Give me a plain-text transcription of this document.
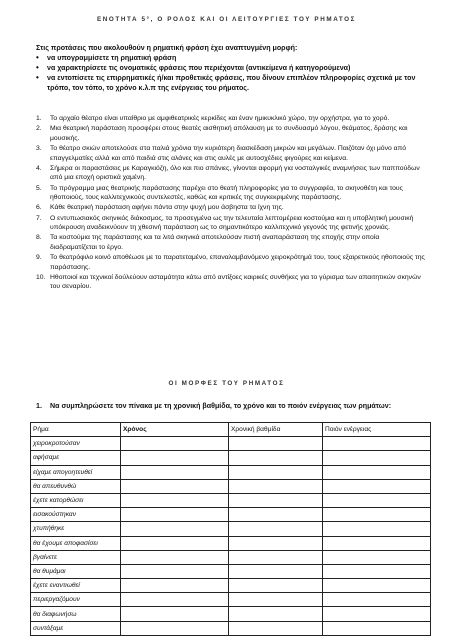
ΕΝΟΤΗΤΑ 5°, Ο ΡΟΛΟΣ ΚΑΙ ΟΙ ΛΕΙΤΟΥΡΓΙΕΣ ΤΟΥ ΡΗΜΑΤΟΣ
Στις προτάσεις που ακολουθούν η ρηματική φράση έχει αναπτυγμένη μορφή:
• να υπογραμμίσετε τη ρηματική φράση
• να χαρακτηρίσετε τις ονοματικές φράσεις που περιέχονται (αντικείμενα ή κατηγορούμενα)
• να εντοπίσετε τις επιρρηματικές ή/και προθετικές φράσεις, που δίνουν επιπλέον πληροφορίες σχετικά με τον τρόπο, τον τόπο, το χρόνο κ.λ.π της ενέργειας του ρήματος.
1. Το αρχαίο θέατρο είναι υπαίθριο με αμφιθεατρικές κερκίδες και έναν ημικυκλικό χώρο, την ορχήστρα, για το χορό.
2. Μια θεατρική παράσταση προσφέρει στους θεατές αισθητική απόλαυση με το συνδυασμό λόγου, θεάματος, δράσης και μουσικής.
3. Το θέατρο σκιών αποτελούσε στα παλιά χρόνια την κυριότερη διασκέδαση μικρών και μεγάλων. Παιζόταν όχι μόνο από επαγγελματίες αλλά και από παιδιά στις αλάνες και στις αυλές με αυτοσχέδιες φιγούρες και κείμενα.
4. Σήμερα οι παραστάσεις με Καραγκιόζη, όλο και πιο σπάνιες, γίνονται αφορμή για νοσταλγικές αναμνήσεις των παππούδων από μια εποχή οριστικά χαμένη.
5. Το πρόγραμμα μιας θεατρικής παράστασης παρέχει στο θεατή πληροφορίες για το συγγραφέα, το σκηνοθέτη και τους ηθοποιούς, τους καλλιτεχνικούς συντελεστές, καθώς και κριτικές της συγκεκριμένης παράστασης.
6. Κάθε θεατρική παράσταση αφήνει πάντα στην ψυχή μου άσβηστα τα ίχνη της.
7. Ο εντυπωσιακός σκηνικός διάκοσμος, τα προσεγμένα ως την τελευταία λεπτομέρεια κοστούμια και η υποβλητική μουσική υπόκρουση αναδεικνύουν τη χθεσινή παράσταση ως το σημαντικότερο καλλιτεχνικό γεγονός της φετινής χρονιάς.
8. Τα κοστούμια της παράστασης και τα λιτά σκηνικά αποτελούσαν πιστή αναπαράσταση της εποχής στην οποία διαδραματίζεται το έργο.
9. Το θεατρόφιλο κοινό αποθέωσε με το παρατεταμένο, επαναλαμβανόμενο χειροκρότημά του, τους εξαιρετικούς ηθοποιούς της παράστασης.
10. Ηθοποιοί και τεχνικοί δούλεύουν ασταμάτητα κάτω από αντίξοες καιρικές συνθήκες για το γύρισμα των απαιτητικών σκηνών του σεναρίου.
ΟΙ ΜΟΡΦΕΣ ΤΟΥ ΡΗΜΑΤΟΣ
1. Να συμπληρώσετε τον πίνακα με τη χρονική βαθμίδα, το χρόνο και το ποιόν ενέργειας των ρημάτων:
Ρήμα	Χρόνος	Χρονική βαθμίδα	Ποιόν ενέργειας
χειροκροτούσαν			
αφήσαμε			
είχαμε απογοητευθεί			
θα απευθυνθώ			
έχετε κατορθώσει			
εισακούστηκαν			
χτυπήθηκε			
θα έχουμε αποφασίσει			
βγαίνετε			
θα θυμάμαι			
έχετε εναντιωθεί			
περιεργαζόμουν			
θα διαφωνήσω			
συντάξαμε			
